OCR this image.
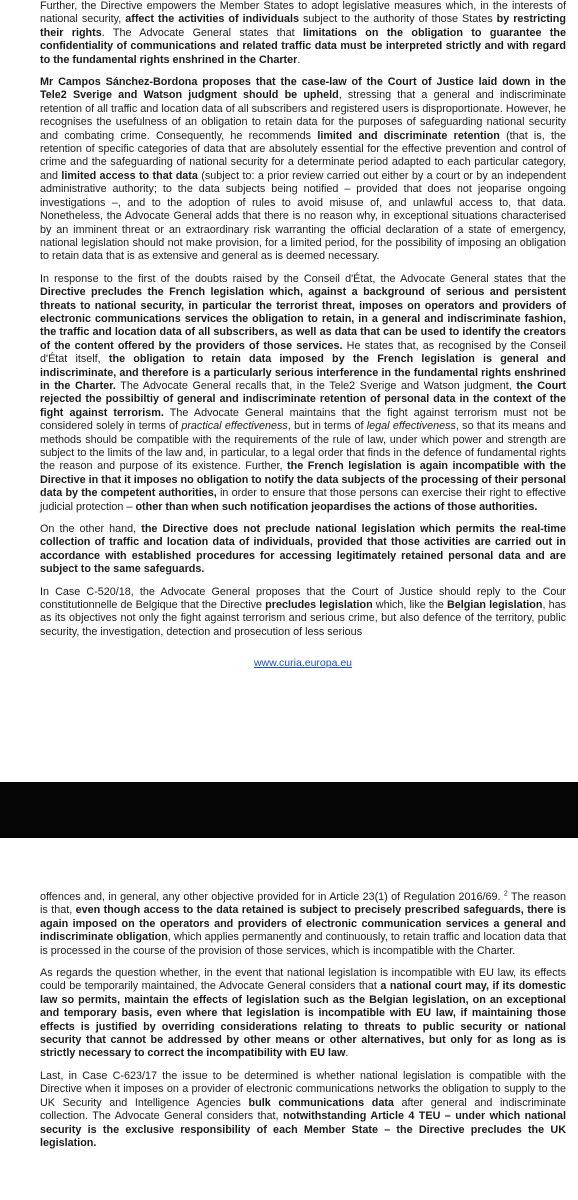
Further, the Directive empowers the Member States to adopt legislative measures which, in the interests of national security, affect the activities of individuals subject to the authority of those States by restricting their rights. The Advocate General states that limitations on the obligation to guarantee the confidentiality of communications and related traffic data must be interpreted strictly and with regard to the fundamental rights enshrined in the Charter.

Mr Campos Sánchez-Bordona proposes that the case-law of the Court of Justice laid down in the Tele2 Sverige and Watson judgment should be upheld, stressing that a general and indiscriminate retention of all traffic and location data of all subscribers and registered users is disproportionate. However, he recognises the usefulness of an obligation to retain data for the purposes of safeguarding national security and combating crime. Consequently, he recommends limited and discriminate retention (that is, the retention of specific categories of data that are absolutely essential for the effective prevention and control of crime and the safeguarding of national security for a determinate period adapted to each particular category, and limited access to that data (subject to: a prior review carried out either by a court or by an independent administrative authority; to the data subjects being notified – provided that does not jeoparise ongoing investigations –, and to the adoption of rules to avoid misuse of, and unlawful access to, that data. Nonetheless, the Advocate General adds that there is no reason why, in exceptional situations characterised by an imminent threat or an extraordinary risk warranting the official declaration of a state of emergency, national legislation should not make provision, for a limited period, for the possibility of imposing an obligation to retain data that is as extensive and general as is deemed necessary.

In response to the first of the doubts raised by the Conseil d'État, the Advocate General states that the Directive precludes the French legislation which, against a background of serious and persistent threats to national security, in particular the terrorist threat, imposes on operators and providers of electronic communications services the obligation to retain, in a general and indiscriminate fashion, the traffic and location data of all subscribers, as well as data that can be used to identify the creators of the content offered by the providers of those services. He states that, as recognised by the Conseil d'État itself, the obligation to retain data imposed by the French legislation is general and indiscriminate, and therefore is a particularly serious interference in the fundamental rights enshrined in the Charter. The Advocate General recalls that, in the Tele2 Sverige and Watson judgment, the Court rejected the possibiltiy of general and indiscriminate retention of personal data in the context of the fight against terrorism. The Advocate General maintains that the fight against terrorism must not be considered solely in terms of practical effectiveness, but in terms of legal effectiveness, so that its means and methods should be compatible with the requirements of the rule of law, under which power and strength are subject to the limits of the law and, in particular, to a legal order that finds in the defence of fundamental rights the reason and purpose of its existence. Further, the French legislation is again incompatible with the Directive in that it imposes no obligation to notify the data subjects of the processing of their personal data by the competent authorities, in order to ensure that those persons can exercise their right to effective judicial protection – other than when such notification jeopardises the actions of those authorities.

On the other hand, the Directive does not preclude national legislation which permits the real-time collection of traffic and location data of individuals, provided that those activities are carried out in accordance with established procedures for accessing legitimately retained personal data and are subject to the same safeguards.

In Case C-520/18, the Advocate General proposes that the Court of Justice should reply to the Cour constitutionnelle de Belgique that the Directive precludes legislation which, like the Belgian legislation, has as its objectives not only the fight against terrorism and serious crime, but also defence of the territory, public security, the investigation, detection and prosecution of less serious

www.curia.europa.eu

offences and, in general, any other objective provided for in Article 23(1) of Regulation 2016/69. $^2$ The reason is that, even though access to the data retained is subject to precisely prescribed safeguards, there is again imposed on the operators and providers of electronic communication services a general and indiscriminate obligation, which applies permanently and continuously, to retain traffic and location data that is processed in the course of the provision of those services, which is incompatible with the Charter.

As regards the question whether, in the event that national legislation is incompatible with EU law, its effects could be temporarily maintained, the Advocate General considers that a national court may, if its domestic law so permits, maintain the effects of legislation such as the Belgian legislation, on an exceptional and temporary basis, even where that legislation is incompatible with EU law, if maintaining those effects is justified by overriding considerations relating to threats to public security or national security that cannot be addressed by other means or other alternatives, but only for as long as is strictly necessary to correct the incompatibility with EU law.

Last, in Case C-623/17 the issue to be determined is whether national legislation is compatible with the Directive when it imposes on a provider of electronic communications networks the obligation to supply to the UK Security and Intelligence Agencies bulk communications data after general and indiscriminate collection. The Advocate General considers that, notwithstanding Article 4 TEU – under which national security is the exclusive responsibility of each Member State – the Directive precludes the UK legislation.
